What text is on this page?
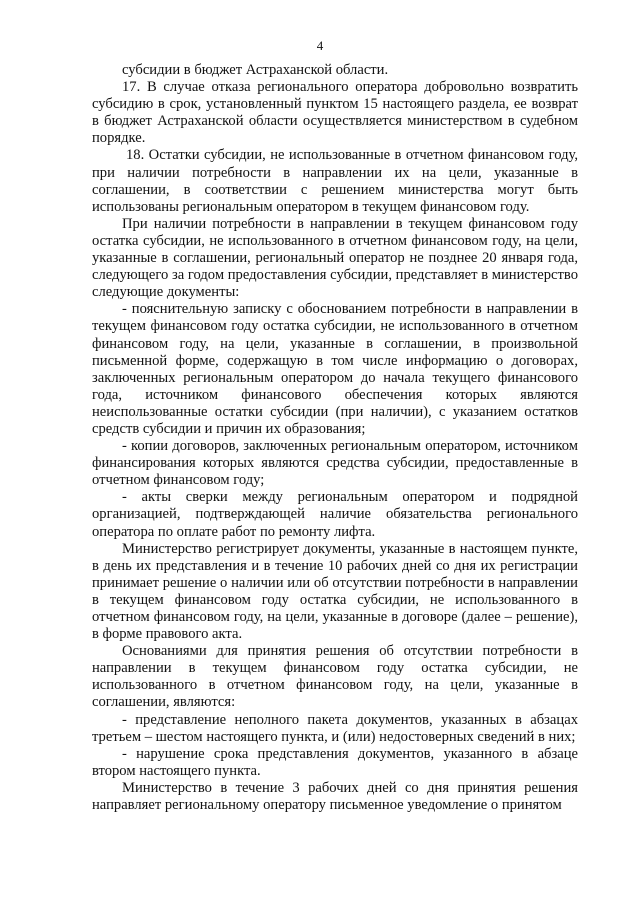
4

субсидии в бюджет Астраханской области.

17. В случае отказа регионального оператора добровольно возвратить субсидию в срок, установленный пунктом 15 настоящего раздела, ее возврат в бюджет Астраханской области осуществляется министерством в судебном порядке.

18. Остатки субсидии, не использованные в отчетном финансовом году, при наличии потребности в направлении их на цели, указанные в соглашении, в соответствии с решением министерства могут быть использованы региональным оператором в текущем финансовом году.

При наличии потребности в направлении в текущем финансовом году остатка субсидии, не использованного в отчетном финансовом году, на цели, указанные в соглашении, региональный оператор не позднее 20 января года, следующего за годом предоставления субсидии, представляет в министерство следующие документы:

- пояснительную записку с обоснованием потребности в направлении в текущем финансовом году остатка субсидии, не использованного в отчетном финансовом году, на цели, указанные в соглашении, в произвольной письменной форме, содержащую в том числе информацию о договорах, заключенных региональным оператором до начала текущего финансового года, источником финансового обеспечения которых являются неиспользованные остатки субсидии (при наличии), с указанием остатков средств субсидии и причин их образования;

- копии договоров, заключенных региональным оператором, источником финансирования которых являются средства субсидии, предоставленные в отчетном финансовом году;

- акты сверки между региональным оператором и подрядной организацией, подтверждающей наличие обязательства регионального оператора по оплате работ по ремонту лифта.

Министерство регистрирует документы, указанные в настоящем пункте, в день их представления и в течение 10 рабочих дней со дня их регистрации принимает решение о наличии или об отсутствии потребности в направлении в текущем финансовом году остатка субсидии, не использованного в отчетном финансовом году, на цели, указанные в договоре (далее – решение), в форме правового акта.

Основаниями для принятия решения об отсутствии потребности в направлении в текущем финансовом году остатка субсидии, не использованного в отчетном финансовом году, на цели, указанные в соглашении, являются:

- представление неполного пакета документов, указанных в абзацах третьем – шестом настоящего пункта, и (или) недостоверных сведений в них;

- нарушение срока представления документов, указанного в абзаце втором настоящего пункта.

Министерство в течение 3 рабочих дней со дня принятия решения направляет региональному оператору письменное уведомление о принятом
